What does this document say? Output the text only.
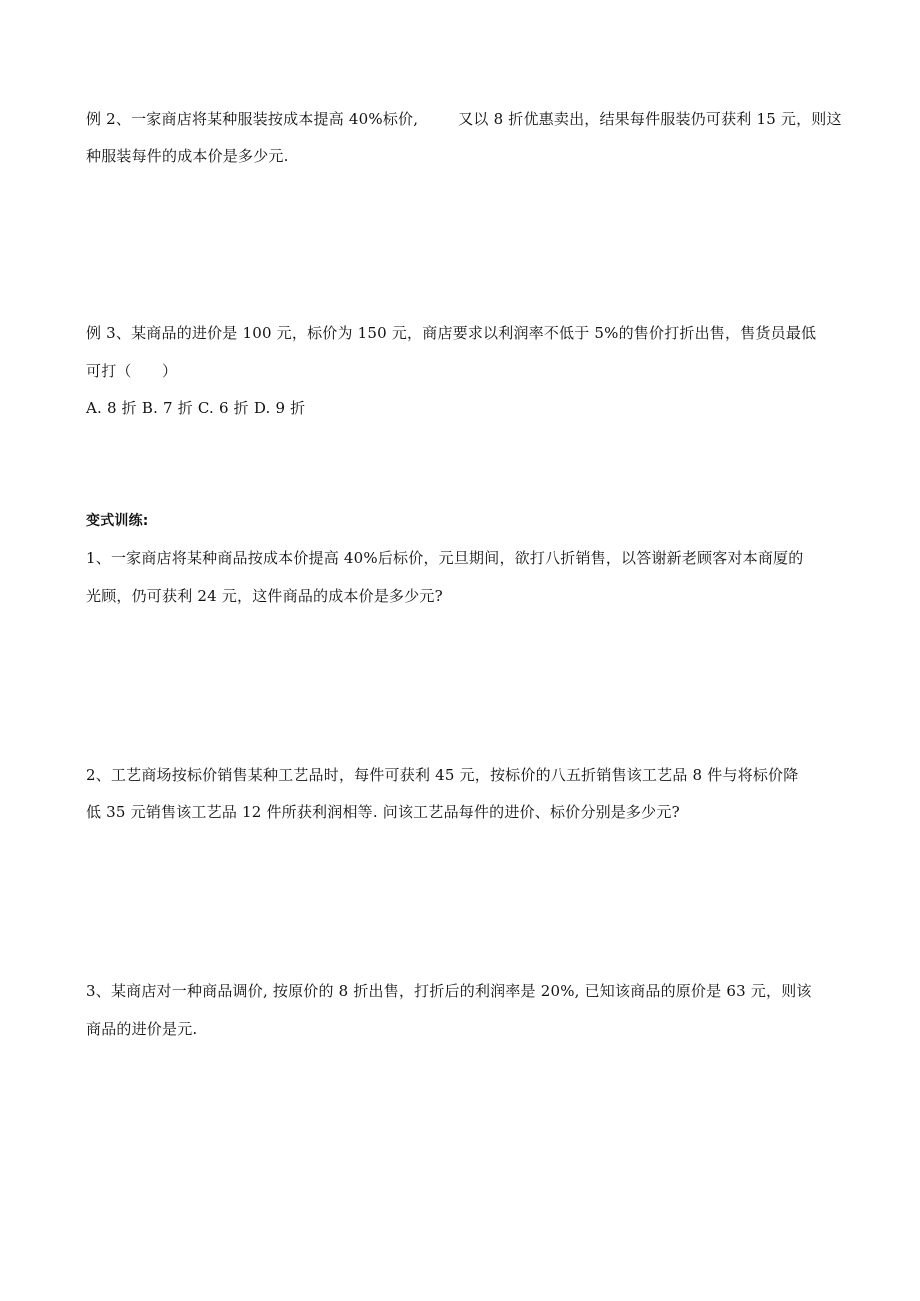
例 2、一家商店将某种服装按成本提高 40%标价,	又以 8 折优惠卖出，结果每件服装仍可获利 15 元，则这
种服装每件的成本价是多少元.
例 3、某商品的进价是 100 元，标价为 150 元，商店要求以利润率不低于 5%的售价打折出售，售货员最低
可打（　　）
A. 8 折 B. 7 折 C. 6 折 D. 9 折
变式训练:
1、一家商店将某种商品按成本价提高 40%后标价，元旦期间，欲打八折销售，以答谢新老顾客对本商厦的
光顾，仍可获利 24 元，这件商品的成本价是多少元?
2、工艺商场按标价销售某种工艺品时，每件可获利 45 元，按标价的八五折销售该工艺品 8 件与将标价降
低 35 元销售该工艺品 12 件所获利润相等. 问该工艺品每件的进价、标价分别是多少元?
3、某商店对一种商品调价, 按原价的 8 折出售，打折后的利润率是 20%, 已知该商品的原价是 63 元，则该
商品的进价是元.
